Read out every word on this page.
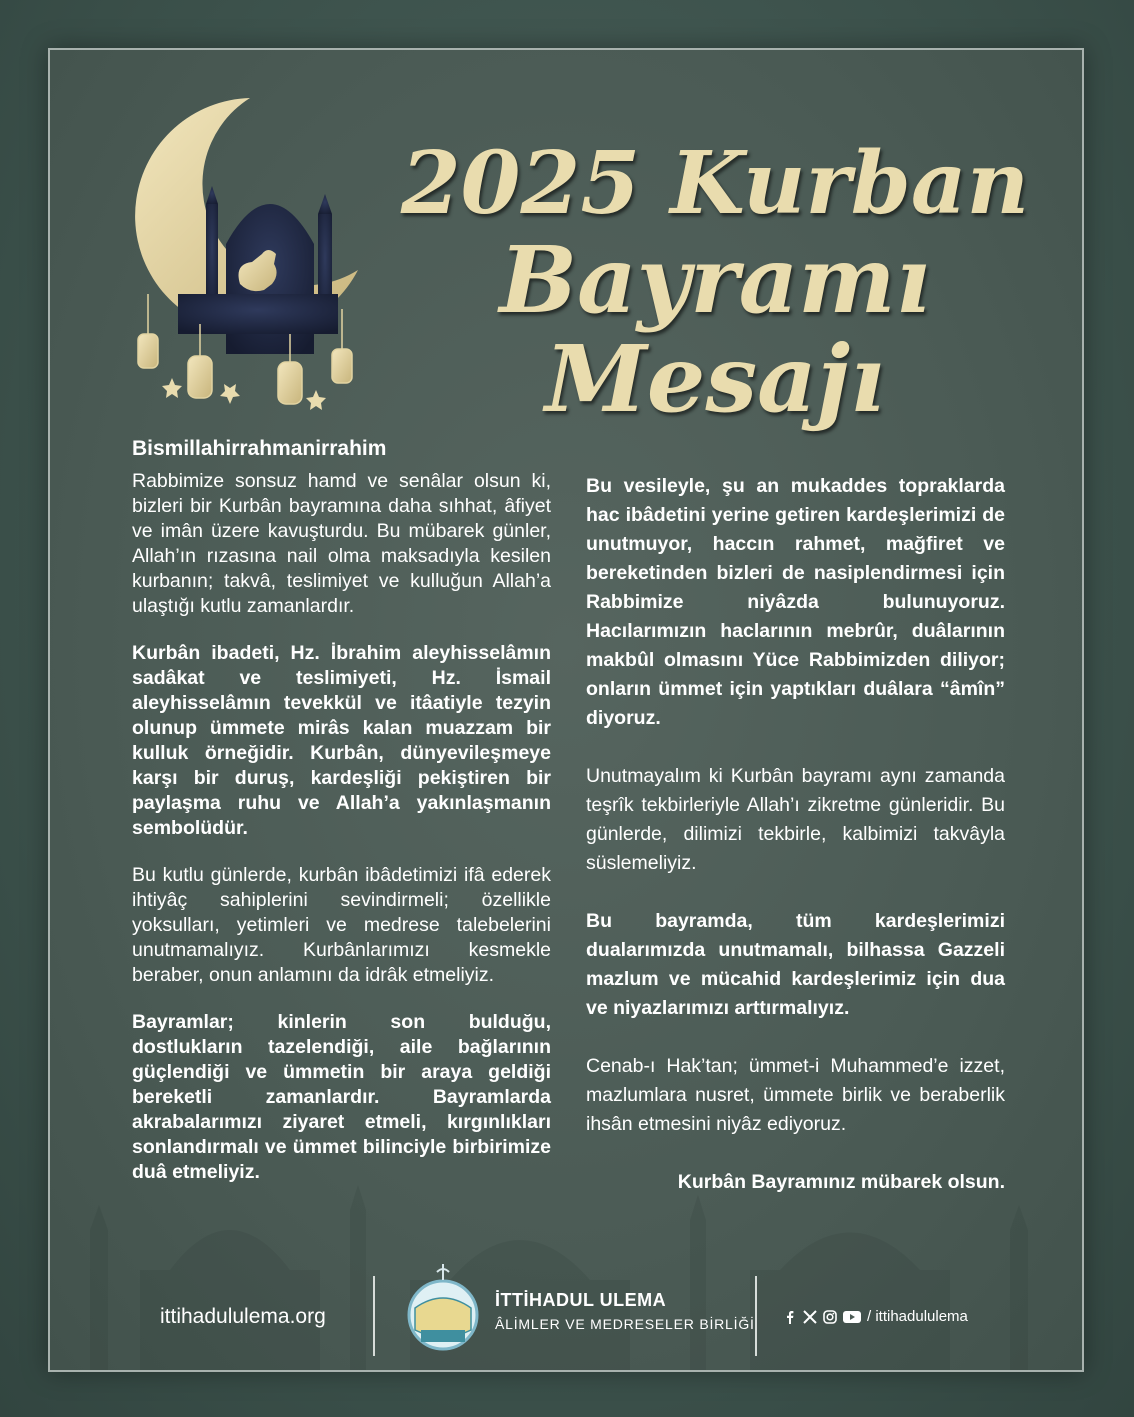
2025 Kurban
Bayramı Mesajı

Bismillahirrahmanirrahim

Rabbimize sonsuz hamd ve senâlar olsun ki, bizleri bir Kurbân bayramına daha sıhhat, âfiyet ve imân üzere kavuşturdu. Bu mübarek günler, Allah’ın rızasına nail olma maksadıyla kesilen kurbanın; takvâ, teslimiyet ve kulluğun Allah’a ulaştığı kutlu zamanlardır.

Kurbân ibadeti, Hz. İbrahim aleyhisselâmın sadâkat ve teslimiyeti, Hz. İsmail aleyhisselâmın tevekkül ve itâatiyle tezyin olunup ümmete mirâs kalan muazzam bir kulluk örneğidir. Kurbân, dünyevileşmeye karşı bir duruş, kardeşliği pekiştiren bir paylaşma ruhu ve Allah’a yakınlaşmanın sembolüdür.

Bu kutlu günlerde, kurbân ibâdetimizi ifâ ederek ihtiyâç sahiplerini sevindirmeli; özellikle yoksulları, yetimleri ve medrese talebelerini unutmamalıyız. Kurbânlarımızı kesmekle beraber, onun anlamını da idrâk etmeliyiz.

Bayramlar; kinlerin son bulduğu, dostlukların tazelendiği, aile bağlarının güçlendiği ve ümmetin bir araya geldiği bereketli zamanlardır. Bayramlarda akrabalarımızı ziyaret etmeli, kırgınlıkları sonlandırmalı ve ümmet bilinciyle birbirimize duâ etmeliyiz.

Bu vesileyle, şu an mukaddes topraklarda hac ibâdetini yerine getiren kardeşlerimizi de unutmuyor, haccın rahmet, mağfiret ve bereketinden bizleri de nasiplendirmesi için Rabbimize niyâzda bulunuyoruz. Hacılarımızın haclarının mebrûr, duâlarının makbûl olmasını Yüce Rabbimizden diliyor; onların ümmet için yaptıkları duâlara “âmîn” diyoruz.

Unutmayalım ki Kurbân bayramı aynı zamanda teşrîk tekbirleriyle Allah’ı zikretme günleridir. Bu günlerde, dilimizi tekbirle, kalbimizi takvâyla süslemeliyiz.

Bu bayramda, tüm kardeşlerimizi dualarımızda unutmamalı, bilhassa Gazzeli mazlum ve mücahid kardeşlerimiz için dua ve niyazlarımızı arttırmalıyız.

Cenab-ı Hak’tan; ümmet-i Muhammed’e izzet, mazlumlara nusret, ümmete birlik ve beraberlik ihsân etmesini niyâz ediyoruz.

Kurbân Bayramınız mübarek olsun.

ittihadululema.org
İTTİHADUL ULEMA
ÂLİMLER VE MEDRESELER BİRLİĞİ	/ ittihadululema
